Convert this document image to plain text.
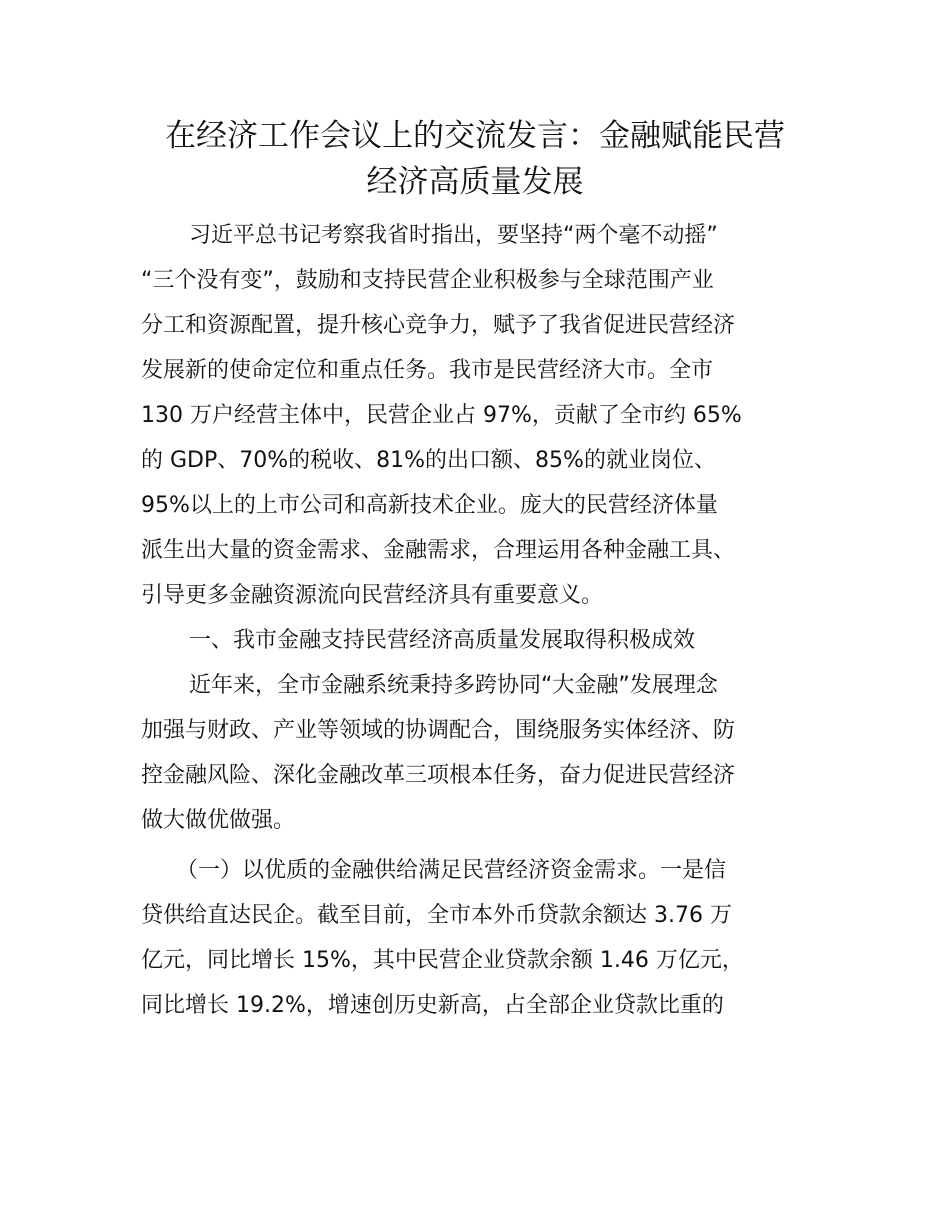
在经济工作会议上的交流发言：金融赋能民营
经济高质量发展

习近平总书记考察我省时指出，要坚持“两个毫不动摇”

“三个没有变”，鼓励和支持民营企业积极参与全球范围产业

分工和资源配置，提升核心竞争力，赋予了我省促进民营经济

发展新的使命定位和重点任务。我市是民营经济大市。全市

130 万户经营主体中，民营企业占 97%，贡献了全市约 65%

的 GDP、70%的税收、81%的出口额、85%的就业岗位、

95%以上的上市公司和高新技术企业。庞大的民营经济体量

派生出大量的资金需求、金融需求，合理运用各种金融工具、

引导更多金融资源流向民营经济具有重要意义。

一、我市金融支持民营经济高质量发展取得积极成效

近年来，全市金融系统秉持多跨协同“大金融”发展理念

加强与财政、产业等领域的协调配合，围绕服务实体经济、防

控金融风险、深化金融改革三项根本任务，奋力促进民营经济

做大做优做强。

（一）以优质的金融供给满足民营经济资金需求。一是信

贷供给直达民企。截至目前，全市本外币贷款余额达 3.76 万

亿元，同比增长 15%，其中民营企业贷款余额 1.46 万亿元，

同比增长 19.2%，增速创历史新高，占全部企业贷款比重的
